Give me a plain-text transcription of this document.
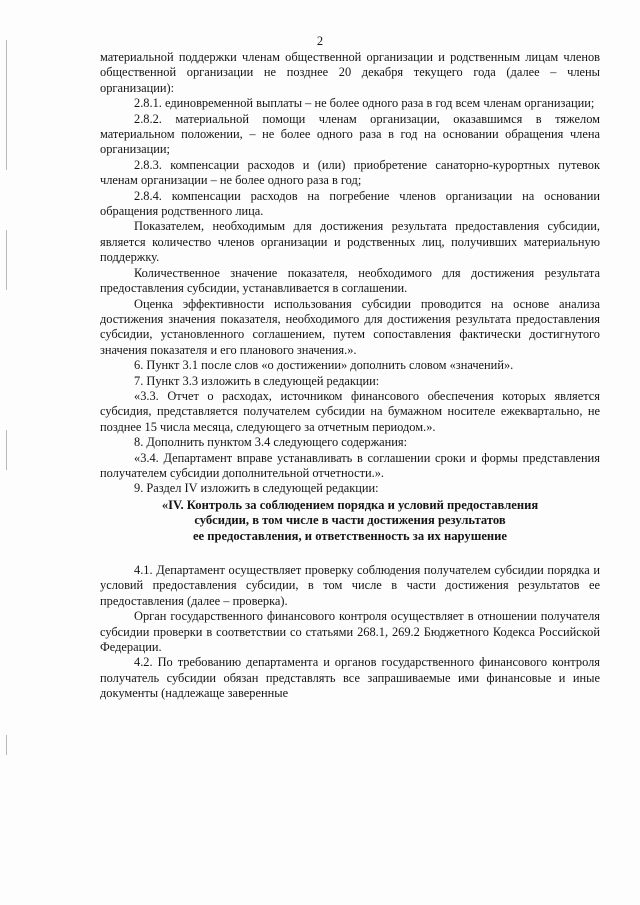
2

материальной поддержки членам общественной организации и родственным лицам членов общественной организации не позднее 20 декабря текущего года (далее – члены организации):

2.8.1. единовременной выплаты – не более одного раза в год всем членам организации;

2.8.2. материальной помощи членам организации, оказавшимся в тяжелом материальном положении, – не более одного раза в год на основании обращения члена организации;

2.8.3. компенсации расходов и (или) приобретение санаторно-курортных путевок членам организации – не более одного раза в год;

2.8.4. компенсации расходов на погребение членов организации на основании обращения родственного лица.

Показателем, необходимым для достижения результата предоставления субсидии, является количество членов организации и родственных лиц, получивших материальную поддержку.

Количественное значение показателя, необходимого для достижения результата предоставления субсидии, устанавливается в соглашении.

Оценка эффективности использования субсидии проводится на основе анализа достижения значения показателя, необходимого для достижения результата предоставления субсидии, установленного соглашением, путем сопоставления фактически достигнутого значения показателя и его планового значения.».

6. Пункт 3.1 после слов «о достижении» дополнить словом «значений».

7. Пункт 3.3 изложить в следующей редакции:

«3.3. Отчет о расходах, источником финансового обеспечения которых является субсидия, представляется получателем субсидии на бумажном носителе ежеквартально, не позднее 15 числа месяца, следующего за отчетным периодом.».

8. Дополнить пунктом 3.4 следующего содержания:

«3.4. Департамент вправе устанавливать в соглашении сроки и формы представления получателем субсидии дополнительной отчетности.».

9. Раздел IV изложить в следующей редакции:

«IV. Контроль за соблюдением порядка и условий предоставления
субсидии, в том числе в части достижения результатов
ее предоставления, и ответственность за их нарушение

4.1. Департамент осуществляет проверку соблюдения получателем субсидии порядка и условий предоставления субсидии, в том числе в части достижения результатов ее предоставления (далее – проверка).

Орган государственного финансового контроля осуществляет в отношении получателя субсидии проверки в соответствии со статьями 268.1, 269.2 Бюджетного Кодекса Российской Федерации.

4.2. По требованию департамента и органов государственного финансового контроля получатель субсидии обязан представлять все запрашиваемые ими финансовые и иные документы (надлежаще заверенные
